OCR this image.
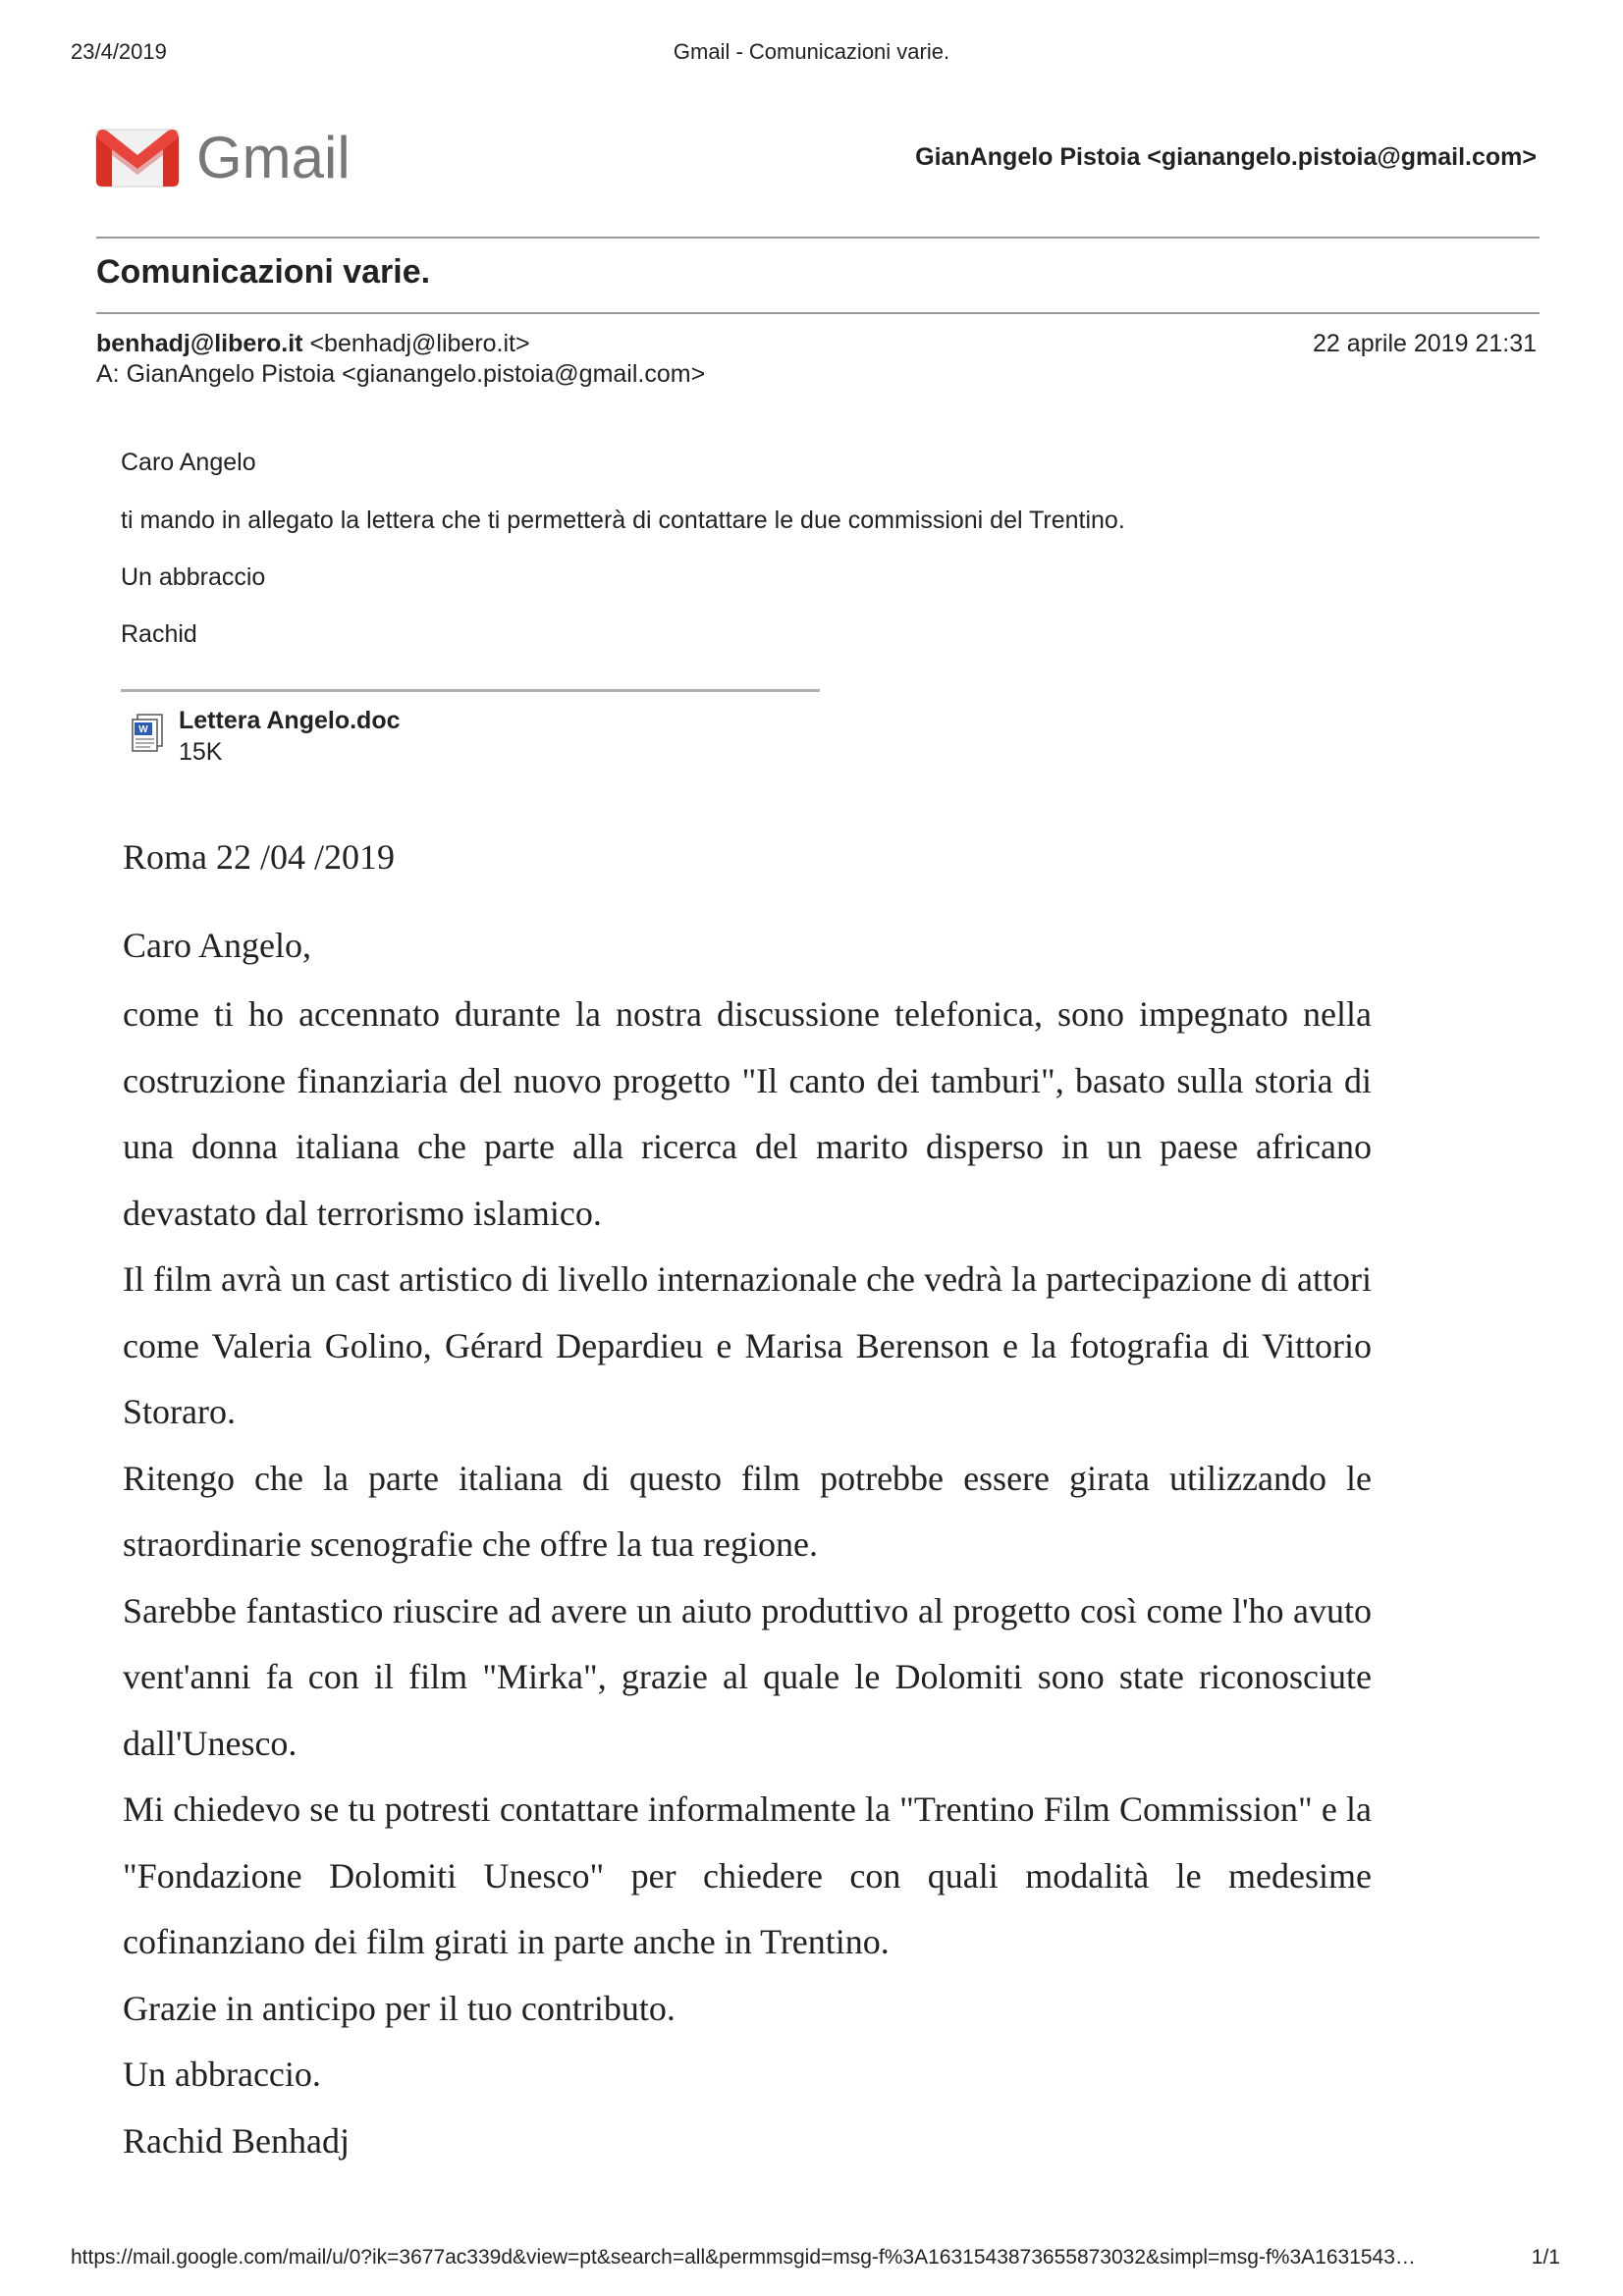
23/4/2019	Gmail - Comunicazioni varie.
Gmail	GianAngelo Pistoia <gianangelo.pistoia@gmail.com>
Comunicazioni varie.
benhadj@libero.it <benhadj@libero.it>
A: GianAngelo Pistoia <gianangelo.pistoia@gmail.com>
22 aprile 2019 21:31
Caro Angelo
ti mando in allegato la lettera che ti permetterà di contattare le due commissioni del Trentino.
Un abbraccio
Rachid
W Lettera Angelo.doc
15K
Roma 22 /04 /2019
Caro Angelo,

come ti ho accennato durante la nostra discussione telefonica, sono impegnato nella costruzione finanziaria del nuovo progetto "Il canto dei tamburi", basato sulla storia di una donna italiana che parte alla ricerca del marito disperso in un paese africano devastato dal terrorismo islamico.

Il film avrà un cast artistico di livello internazionale che vedrà la partecipazione di attori come Valeria Golino, Gérard Depardieu e Marisa Berenson e la fotografia di Vittorio Storaro.

Ritengo che la parte italiana di questo film potrebbe essere girata utilizzando le straordinarie scenografie che offre la tua regione.

Sarebbe fantastico riuscire ad avere un aiuto produttivo al progetto così come l'ho avuto vent'anni fa con il film "Mirka", grazie al quale le Dolomiti sono state riconosciute dall'Unesco.

Mi chiedevo se tu potresti contattare informalmente la "Trentino Film Commission" e la "Fondazione Dolomiti Unesco" per chiedere con quali modalità le medesime cofinanziano dei film girati in parte anche in Trentino.

Grazie in anticipo per il tuo contributo.

Un abbraccio.

Rachid Benhadj

https://mail.google.com/mail/u/0?ik=3677ac339d&view=pt&search=all&permmsgid=msg-f%3A1631543873655873032&simpl=msg-f%3A1631543…	1/1
